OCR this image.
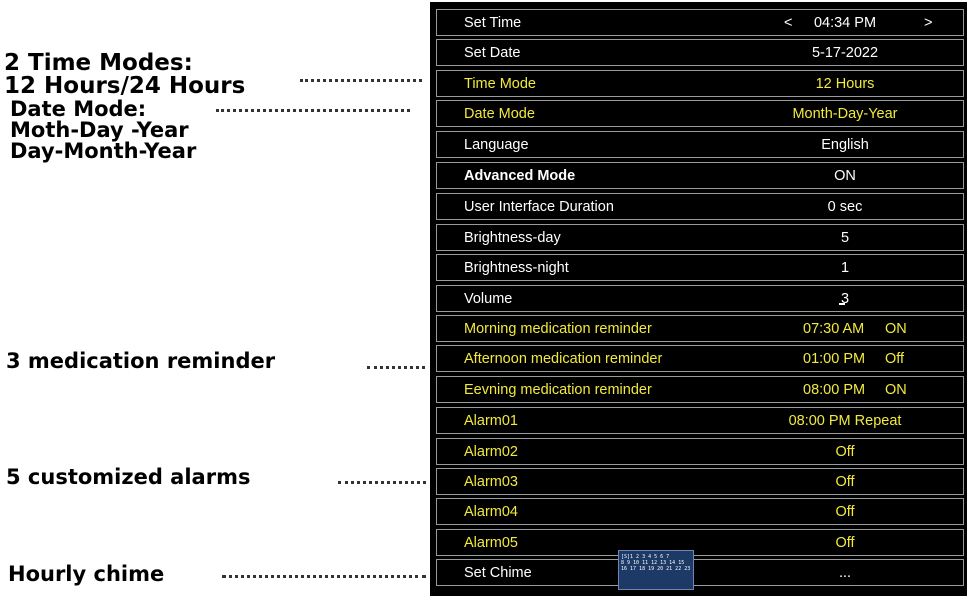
2 Time Modes:
12 Hours/24 Hours
Date Mode:
Moth-Day -Year
Day-Month-Year
3 medication reminder
5 customized alarms
Hourly chime
Set Time	<	04:34 PM	>
Set Date	5-17-2022
Time Mode	12 Hours
Date Mode	Month-Day-Year
Language	English
Advanced Mode	ON
User Interface Duration	0 sec
Brightness-day	5
Brightness-night	1
Volume	3
Morning medication reminder	07:30 AM ON
Afternoon medication reminder	01:00 PM Off
Eevning medication reminder	08:00 PM ON
Alarm01	08:00 PM Repeat
Alarm02	Off
Alarm03	Off
Alarm04	Off
Alarm05	Off
Set Chime	...
[S]1 2 3 4 5 6 7
8 9 10 11 12 13 14 15
16 17 18 19 20 21 22 23
